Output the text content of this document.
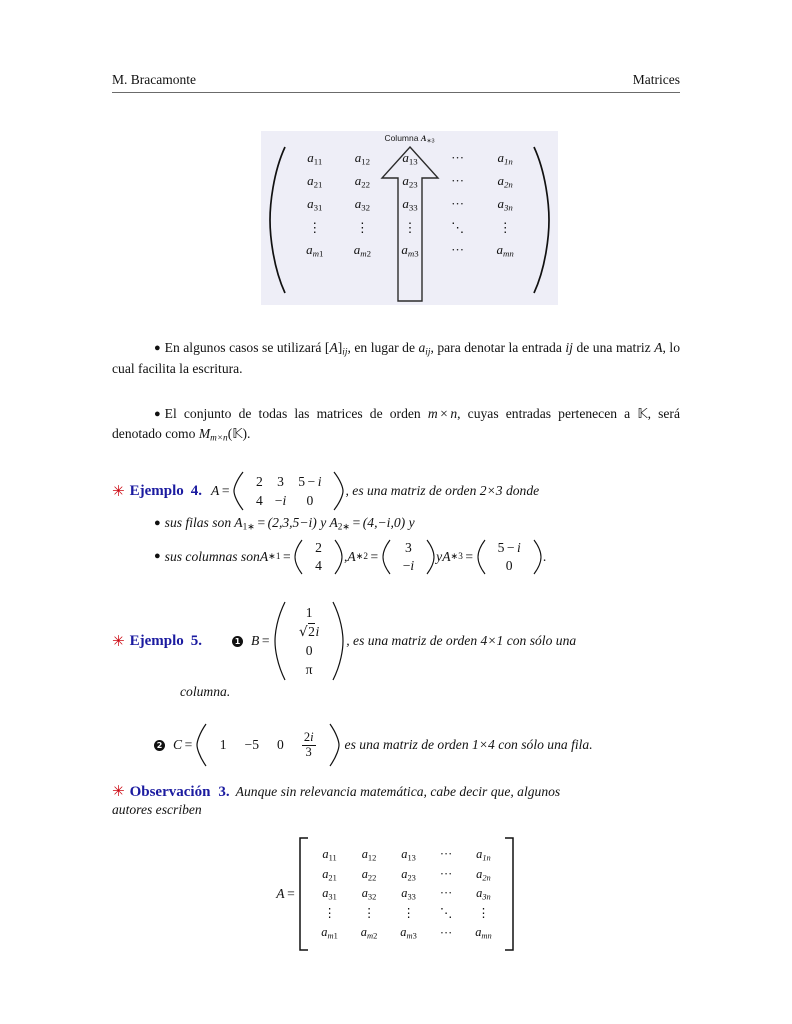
M. Bracamonte	Matrices
Columna $A_{∗3}$
$a_{11}$	$a_{12}$	$a_{13}$	···	$a_{1n}$
$a_{21}$	$a_{22}$	$a_{23}$	···	$a_{2n}$
$a_{31}$	$a_{32}$	$a_{33}$	···	$a_{3n}$
⋮	⋮	⋮	⋱	⋮
$a_{m1}$	$a_{m2}$	$a_{m3}$	···	$a_{mn}$

● En algunos casos se utilizará $[A]_{ij}$, en lugar de $a_{ij}$, para denotar la entrada ij de una matriz A, lo cual facilita la escritura.

● El conjunto de todas las matrices de orden m × n, cuyas entradas pertenecen a 𝕂, será denotado como $M_{m\times n}(𝕂)$.

✳ Ejemplo 4. A =
2	3	5 − i
4 −i	0
, es una matriz de orden 2×3 donde
● sus filas son $A_{1∗} = (2,3,5-i)$ y $A_{2∗} = (4,-i,0)$ y
● sus columnas son A ∗1 =
2
4
, A ∗2 =
3
−i
y A ∗3 =
5 − i
0
.
✳ Ejemplo 5.	1 B =
1
√2i
0
π
, es una matriz de orden 4×1 con sólo una
columna.
2 C =	1	−5	$0 \frac{2i}{3}$ es una matriz de orden 1×4 con sólo una fila.
✳ Observación 3. Aunque sin relevancia matemática, cabe decir que, algunos
autores escriben
A =
$a_{11}$	$a_{12}$	$a_{13}$	···	$a_{1n}$
$a_{21}$	$a_{22}$	$a_{23}$	···	$a_{2n}$
$a_{31}$	$a_{32}$	$a_{33}$	···	$a_{3n}$
⋮	⋮	⋮	⋱	⋮
$a_{m1}$	$a_{m2}$	$a_{m3}$	···	$a_{mn}$
